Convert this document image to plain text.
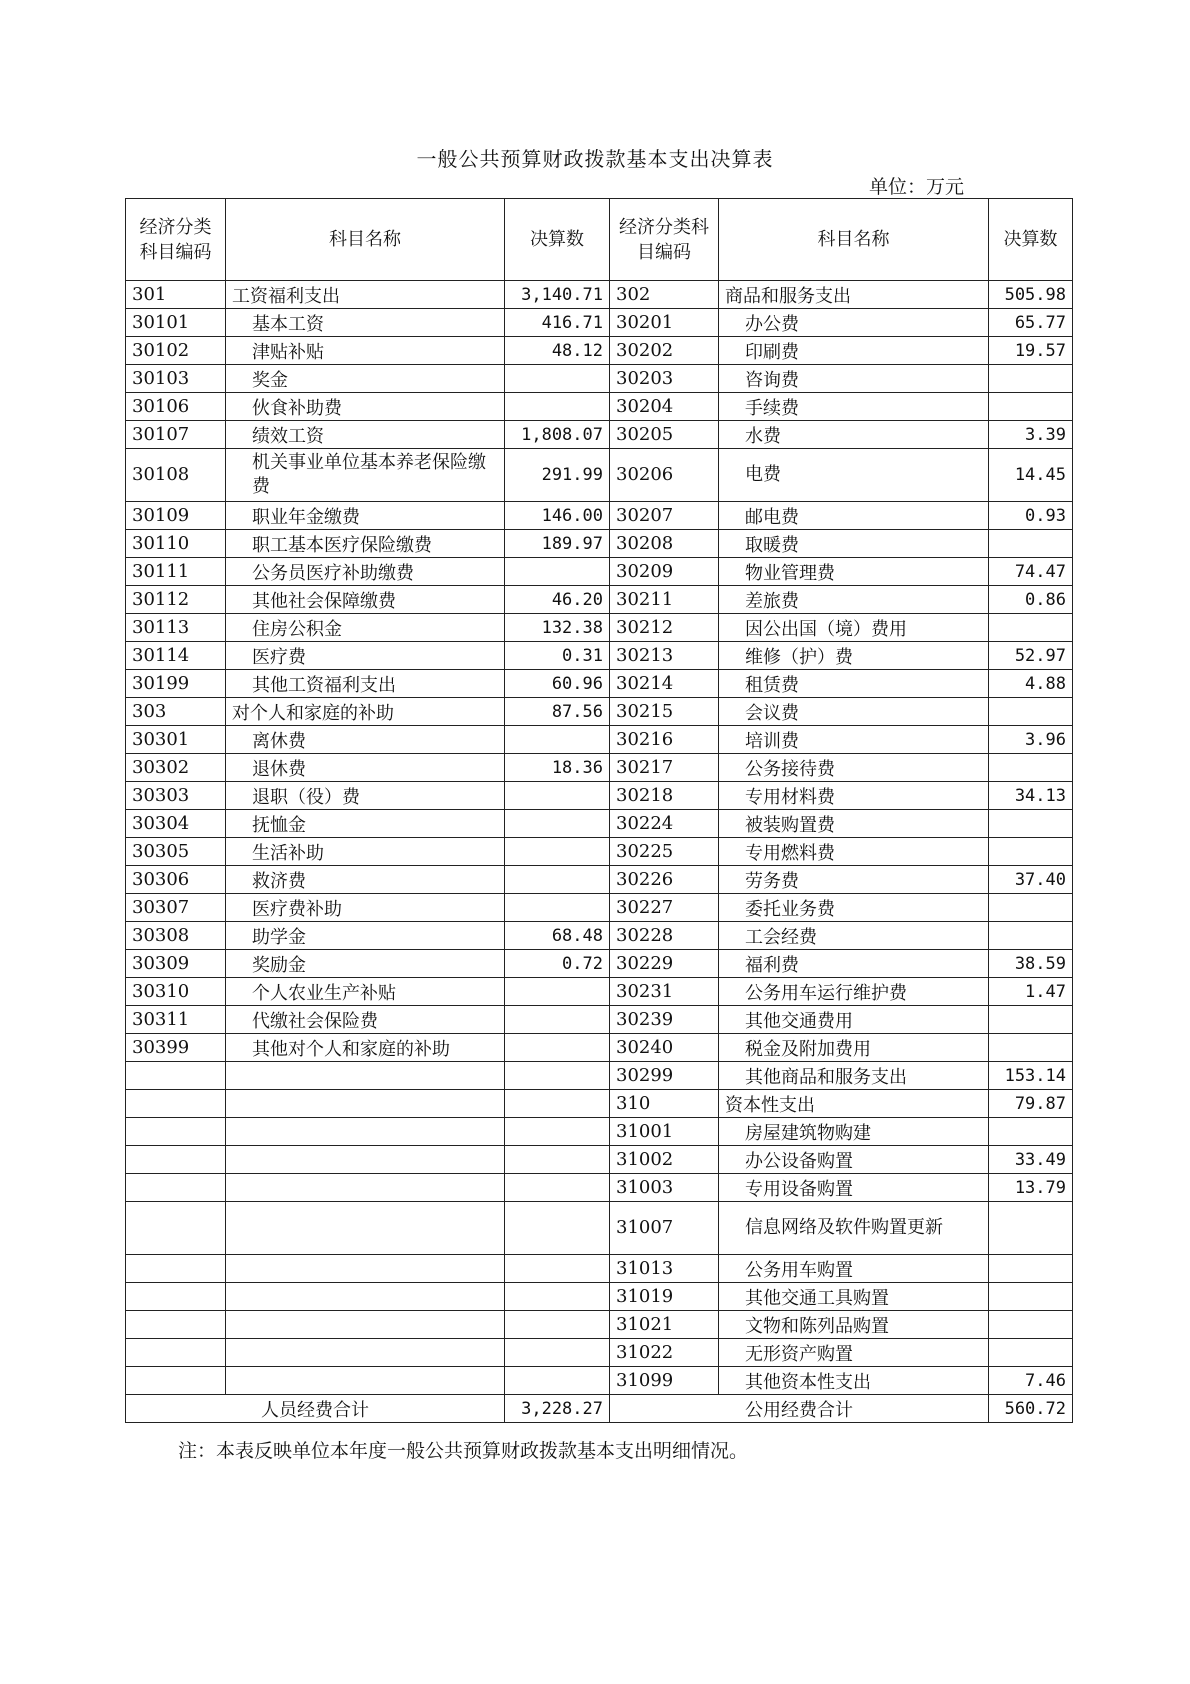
一般公共预算财政拨款基本支出决算表
单位：万元
经济分类科目编码	科目名称	决算数	经济分类科目编码	科目名称	决算数
301	工资福利支出	3,140.71	302	商品和服务支出	505.98
30101	基本工资	416.71	30201	办公费	65.77
30102	津贴补贴	48.12	30202	印刷费	19.57
30103	奖金		30203	咨询费	
30106	伙食补助费		30204	手续费	
30107	绩效工资	1,808.07	30205	水费	3.39
30108	机关事业单位基本养老保险缴费	291.99	30206	电费	14.45
30109	职业年金缴费	146.00	30207	邮电费	0.93
30110	职工基本医疗保险缴费	189.97	30208	取暖费	
30111	公务员医疗补助缴费		30209	物业管理费	74.47
30112	其他社会保障缴费	46.20	30211	差旅费	0.86
30113	住房公积金	132.38	30212	因公出国（境）费用	
30114	医疗费	0.31	30213	维修（护）费	52.97
30199	其他工资福利支出	60.96	30214	租赁费	4.88
303	对个人和家庭的补助	87.56	30215	会议费	
30301	离休费		30216	培训费	3.96
30302	退休费	18.36	30217	公务接待费	
30303	退职（役）费		30218	专用材料费	34.13
30304	抚恤金		30224	被装购置费	
30305	生活补助		30225	专用燃料费	
30306	救济费		30226	劳务费	37.40
30307	医疗费补助		30227	委托业务费	
30308	助学金	68.48	30228	工会经费	
30309	奖励金	0.72	30229	福利费	38.59
30310	个人农业生产补贴		30231	公务用车运行维护费	1.47
30311	代缴社会保险费		30239	其他交通费用	
30399	其他对个人和家庭的补助		30240	税金及附加费用	
			30299	其他商品和服务支出	153.14
			310	资本性支出	79.87
			31001	房屋建筑物购建	
			31002	办公设备购置	33.49
			31003	专用设备购置	13.79
			31007	信息网络及软件购置更新	
			31013	公务用车购置	
			31019	其他交通工具购置	
			31021	文物和陈列品购置	
			31022	无形资产购置	
			31099	其他资本性支出	7.46
人员经费合计		3,228.27	公用经费合计		560.72
注：本表反映单位本年度一般公共预算财政拨款基本支出明细情况。
